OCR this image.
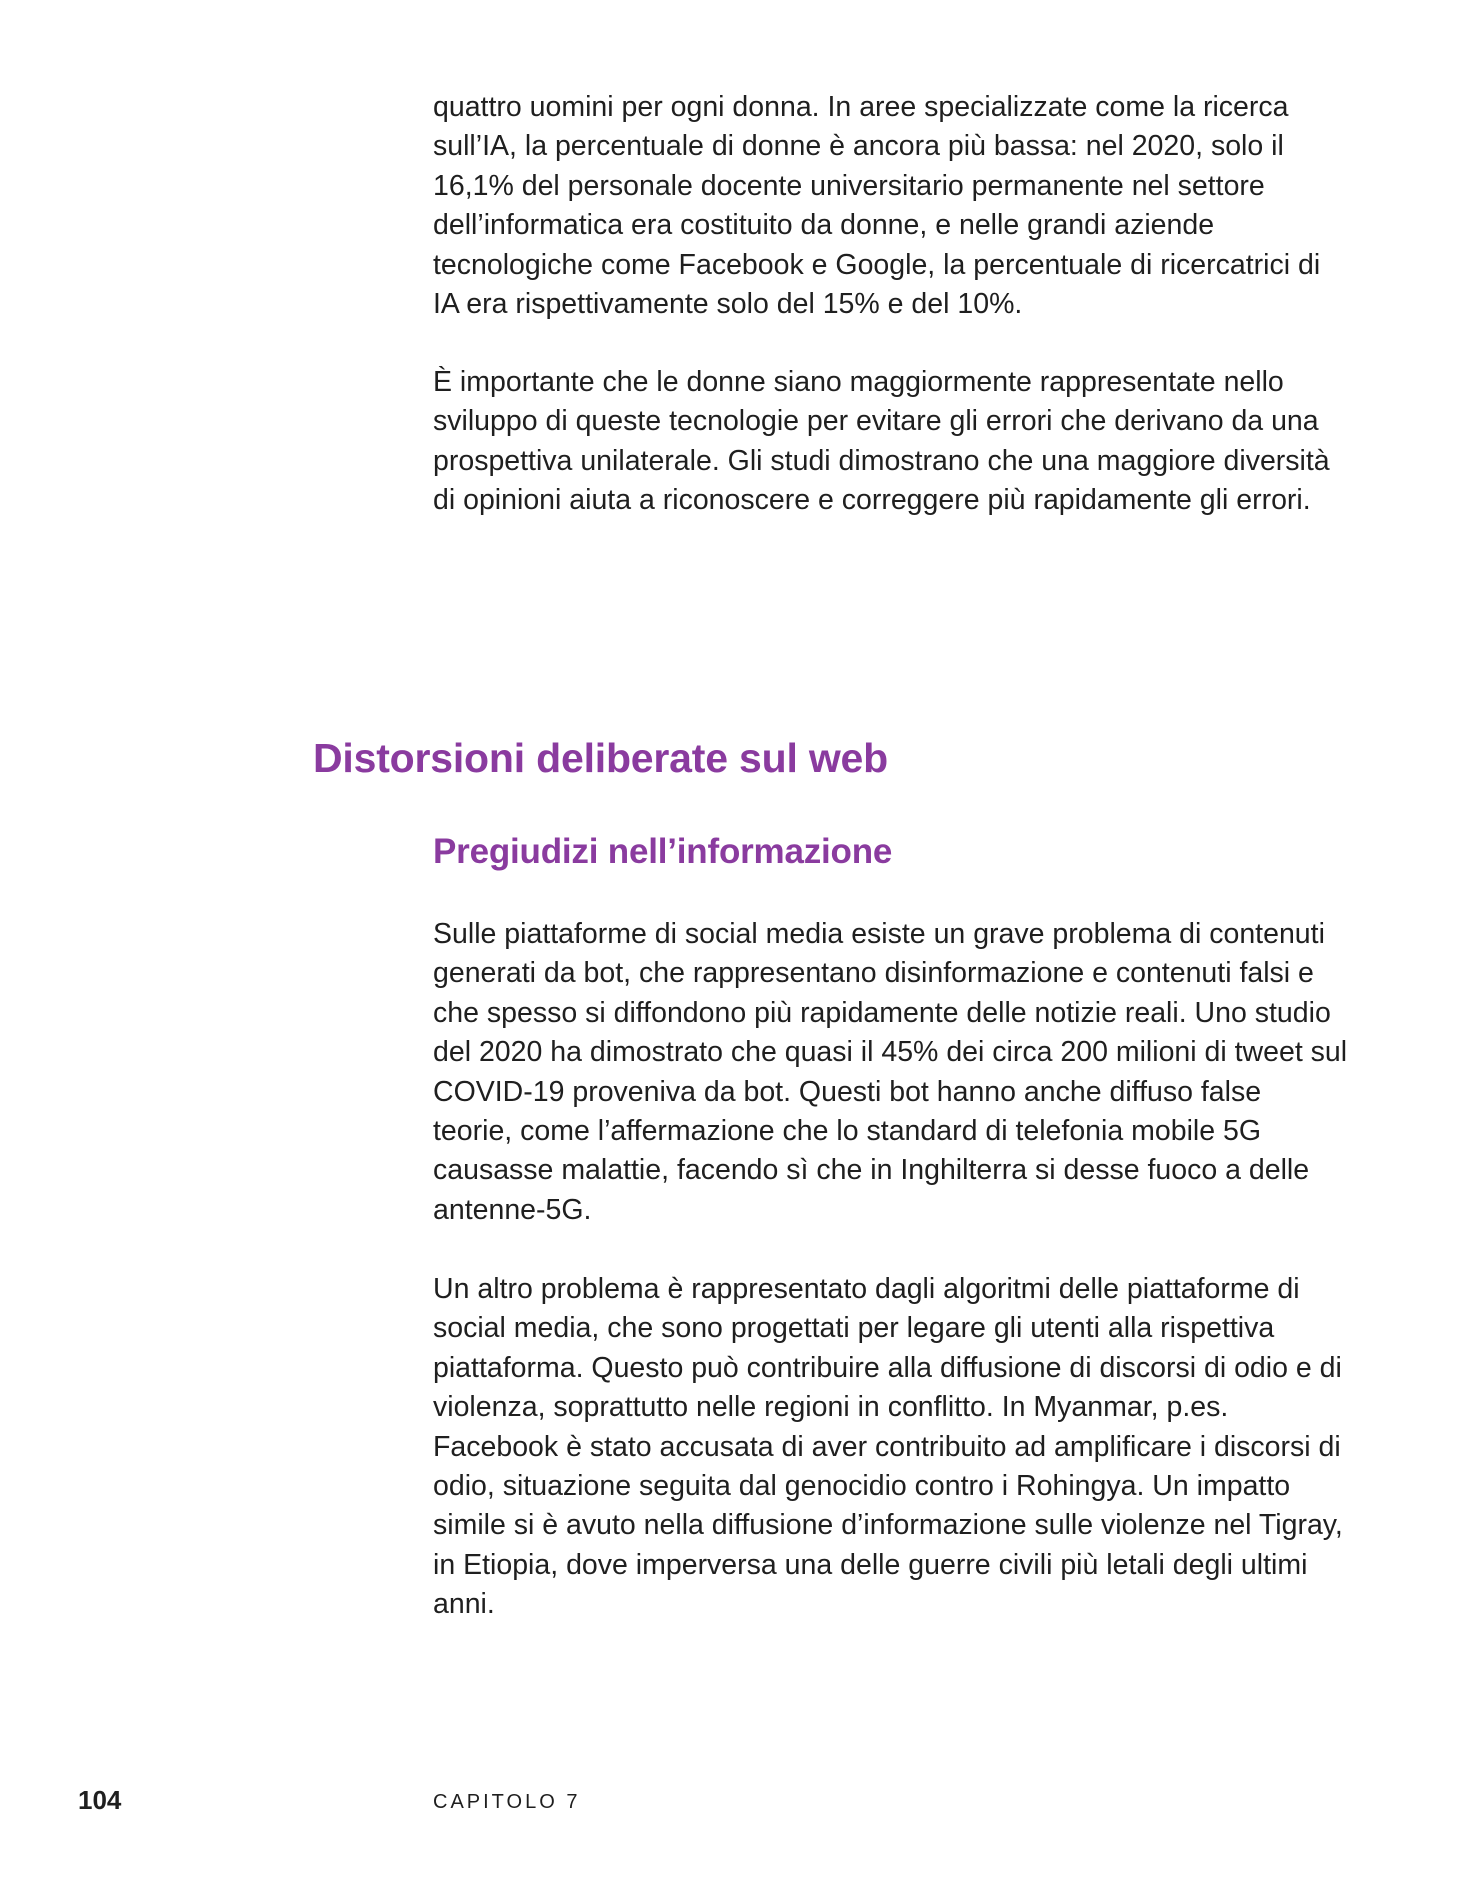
quattro uomini per ogni donna. In aree specializzate come la ricerca sull’IA, la percentuale di donne è ancora più bassa: nel 2020, solo il 16,1% del personale docente universitario permanente nel settore dell’informatica era costituito da donne, e nelle grandi aziende tecnologiche come Facebook e Google, la percentuale di ricercatrici di IA era rispettivamente solo del 15% e del 10%.

È importante che le donne siano maggiormente rappresentate nello sviluppo di queste tecnologie per evitare gli errori che derivano da una prospettiva unilaterale. Gli studi dimostrano che una maggiore diversità di opinioni aiuta a riconoscere e correggere più rapidamente gli errori.

Distorsioni deliberate sul web
Pregiudizi nell’informazione

Sulle piattaforme di social media esiste un grave problema di contenuti generati da bot, che rappresentano disinformazione e contenuti falsi e che spesso si diffondono più rapidamente delle notizie reali. Uno studio del 2020 ha dimostrato che quasi il 45% dei circa 200 milioni di tweet sul COVID-19 proveniva da bot. Questi bot hanno anche diffuso false teorie, come l’affermazione che lo standard di telefonia mobile 5G causasse malattie, facendo sì che in Inghilterra si desse fuoco a delle antenne-5G.

Un altro problema è rappresentato dagli algoritmi delle piattaforme di social media, che sono progettati per legare gli utenti alla rispettiva piattaforma. Questo può contribuire alla diffusione di discorsi di odio e di violenza, soprattutto nelle regioni in conflitto. In Myanmar, p.es. Facebook è stato accusata di aver contribuito ad amplificare i discorsi di odio, situazione seguita dal genocidio contro i Rohingya. Un impatto simile si è avuto nella diffusione d’informazione sulle violenze nel Tigray, in Etiopia, dove imperversa una delle guerre civili più letali degli ultimi anni.

104	CAPITOLO 7
